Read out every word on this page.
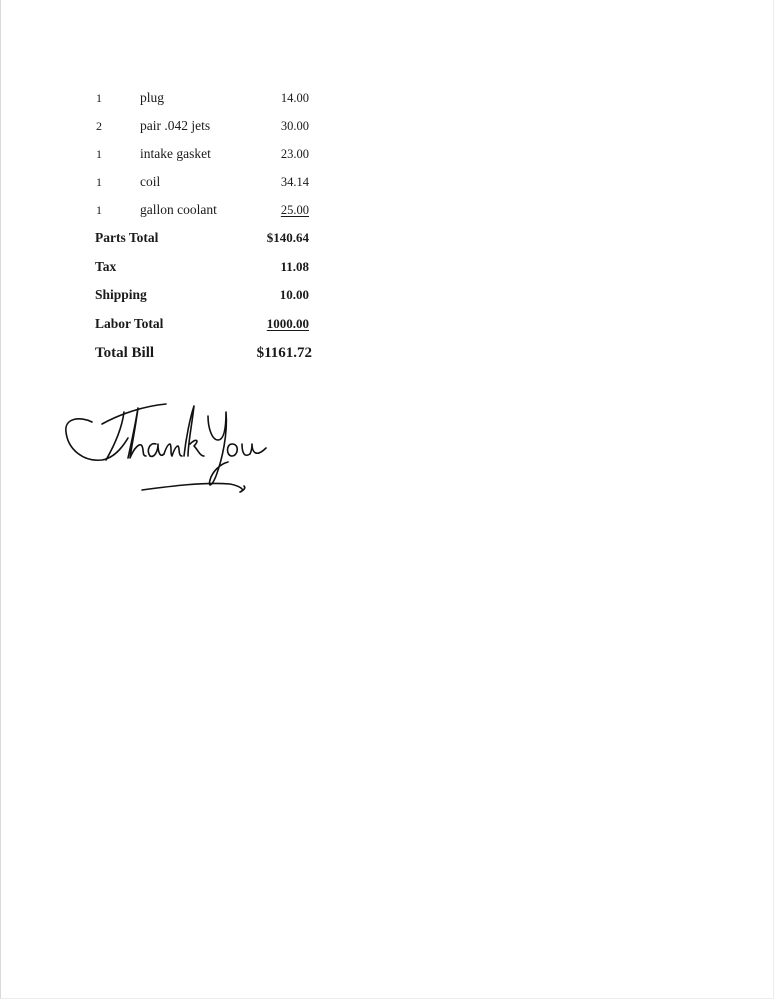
1	plug	14.00
2	pair .042 jets	30.00
1	intake gasket	23.00
1	coil	34.14
1	gallon coolant	25.00
Parts Total	$140.64
Tax	11.08
Shipping	10.00
Labor Total	1000.00
Total Bill	$1161.72
